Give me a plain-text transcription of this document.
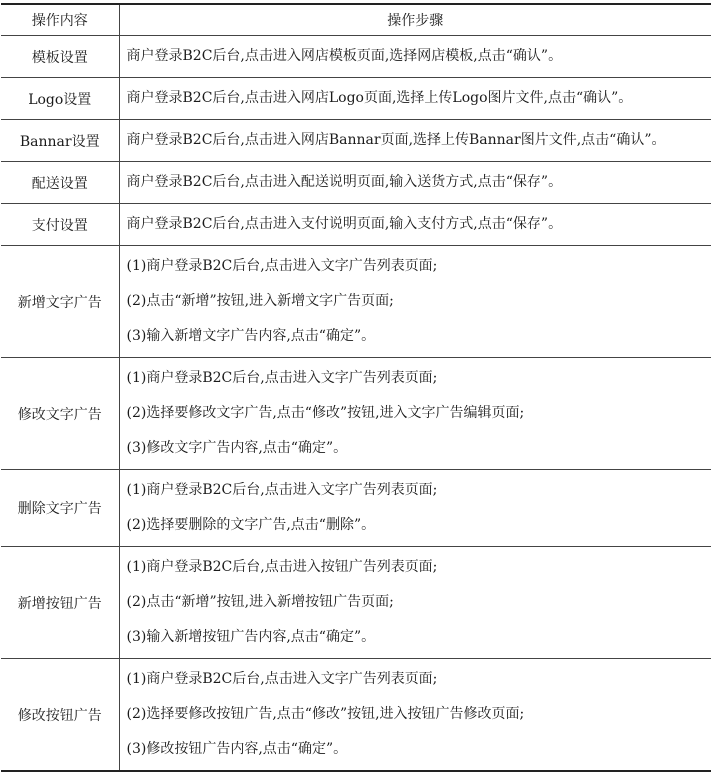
操作内容	操作步骤
模板设置	商户登录B2C后台,点击进入网店模板页面,选择网店模板,点击“确认”。

Logo设置	商户登录B2C后台,点击进入网店Logo页面,选择上传Logo图片文件,点击“确认”。

Bannar设置	商户登录B2C后台,点击进入网店Bannar页面,选择上传Bannar图片文件,点击“确认”。

配送设置	商户登录B2C后台,点击进入配送说明页面,输入送货方式,点击“保存”。

支付设置	商户登录B2C后台,点击进入支付说明页面,输入支付方式,点击“保存”。

新增文字广告	(1)商户登录B2C后台,点击进入文字广告列表页面;
(2)点击“新增”按钮,进入新增文字广告页面;
(3)输入新增文字广告内容,点击“确定”。

修改文字广告	(1)商户登录B2C后台,点击进入文字广告列表页面;
(2)选择要修改文字广告,点击“修改”按钮,进入文字广告编辑页面;
(3)修改文字广告内容,点击“确定”。

删除文字广告	(1)商户登录B2C后台,点击进入文字广告列表页面;
(2)选择要删除的文字广告,点击“删除”。

新增按钮广告	(1)商户登录B2C后台,点击进入按钮广告列表页面;
(2)点击“新增”按钮,进入新增按钮广告页面;
(3)输入新增按钮广告内容,点击“确定”。

修改按钮广告	(1)商户登录B2C后台,点击进入文字广告列表页面;
(2)选择要修改按钮广告,点击“修改”按钮,进入按钮广告修改页面;
(3)修改按钮广告内容,点击“确定”。
